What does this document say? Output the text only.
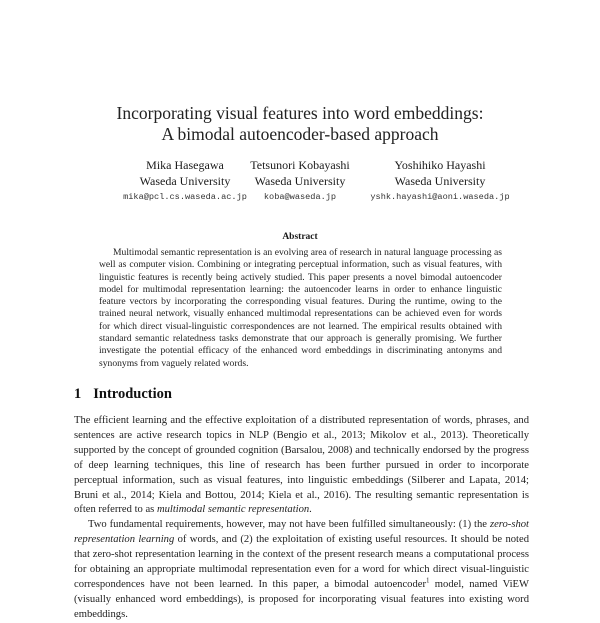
Incorporating visual features into word embeddings:
A bimodal autoencoder-based approach
Mika Hasegawa
Waseda University
mika@pcl.cs.waseda.ac.jp
Tetsunori Kobayashi
Waseda University
koba@waseda.jp
Yoshihiko Hayashi
Waseda University
yshk.hayashi@aoni.waseda.jp
Abstract

Multimodal semantic representation is an evolving area of research in natural language processing as well as computer vision. Combining or integrating perceptual information, such as visual features, with linguistic features is recently being actively studied. This paper presents a novel bimodal autoencoder model for multimodal representation learning: the autoencoder learns in order to enhance linguistic feature vectors by incorporating the corresponding visual features. During the runtime, owing to the trained neural network, visually enhanced multimodal representations can be achieved even for words for which direct visual-linguistic correspondences are not learned. The empirical results obtained with standard semantic relatedness tasks demonstrate that our approach is generally promising. We further investigate the potential efficacy of the enhanced word embeddings in discriminating antonyms and synonyms from vaguely related words.

1 Introduction

The efficient learning and the effective exploitation of a distributed representation of words, phrases, and sentences are active research topics in NLP (Bengio et al., 2013; Mikolov et al., 2013). Theoretically supported by the concept of grounded cognition (Barsalou, 2008) and technically endorsed by the progress of deep learning techniques, this line of research has been further pursued in order to incorporate perceptual information, such as visual features, into linguistic embeddings (Silberer and Lapata, 2014; Bruni et al., 2014; Kiela and Bottou, 2014; Kiela et al., 2016). The resulting semantic representation is often referred to as multimodal semantic representation.

Two fundamental requirements, however, may not have been fulfilled simultaneously: (1) the zero-shot representation learning of words, and (2) the exploitation of existing useful resources. It should be noted that zero-shot representation learning in the context of the present research means a computational process for obtaining an appropriate multimodal representation even for a word for which direct visual-linguistic correspondences have not been learned. In this paper, a bimodal autoencoder$^1$ model, named ViEW (visually enhanced word embeddings), is proposed for incorporating visual features into existing word embeddings.
